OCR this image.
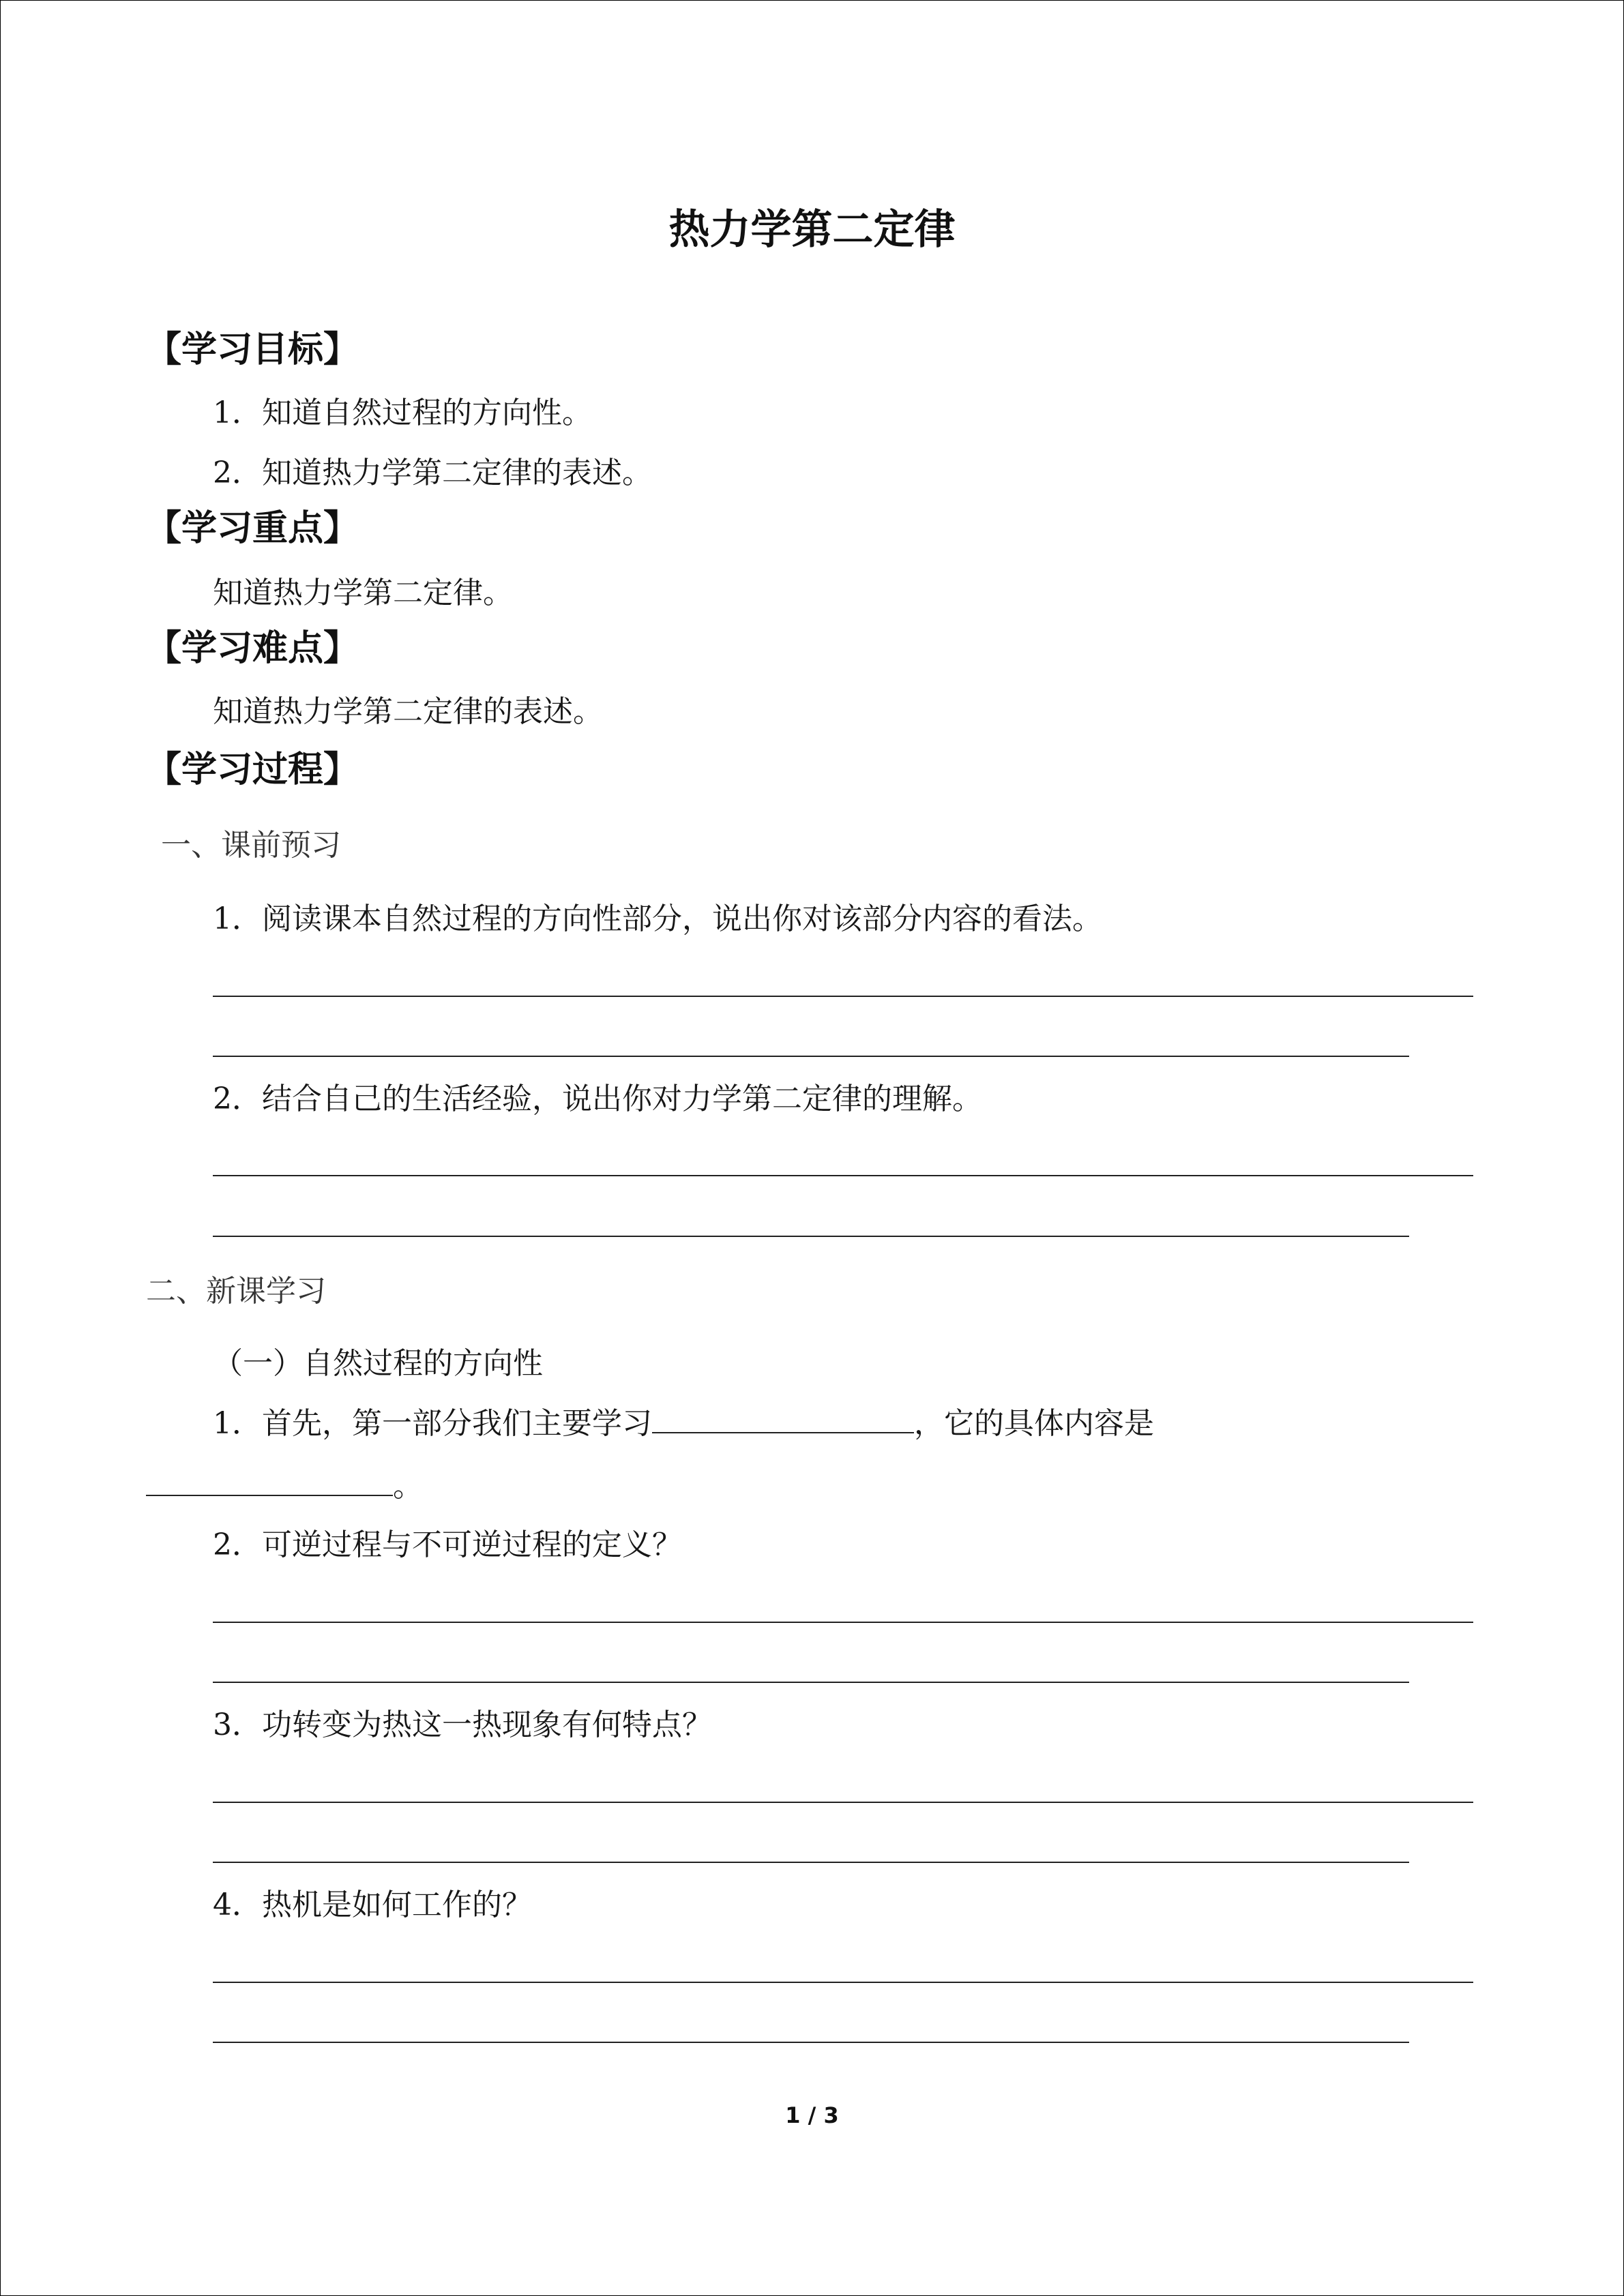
热力学第二定律
【学习目标】
1．知道自然过程的方向性。
2．知道热力学第二定律的表述。
【学习重点】
知道热力学第二定律。
【学习难点】
知道热力学第二定律的表述。
【学习过程】
一、课前预习
1．阅读课本自然过程的方向性部分，说出你对该部分内容的看法。
2．结合自己的生活经验，说出你对力学第二定律的理解。
二、新课学习
（一）自然过程的方向性
1．首先，第一部分我们主要学习	，它的具体内容是
。
2．可逆过程与不可逆过程的定义？
3．功转变为热这一热现象有何特点？
4．热机是如何工作的？
1 / 3
